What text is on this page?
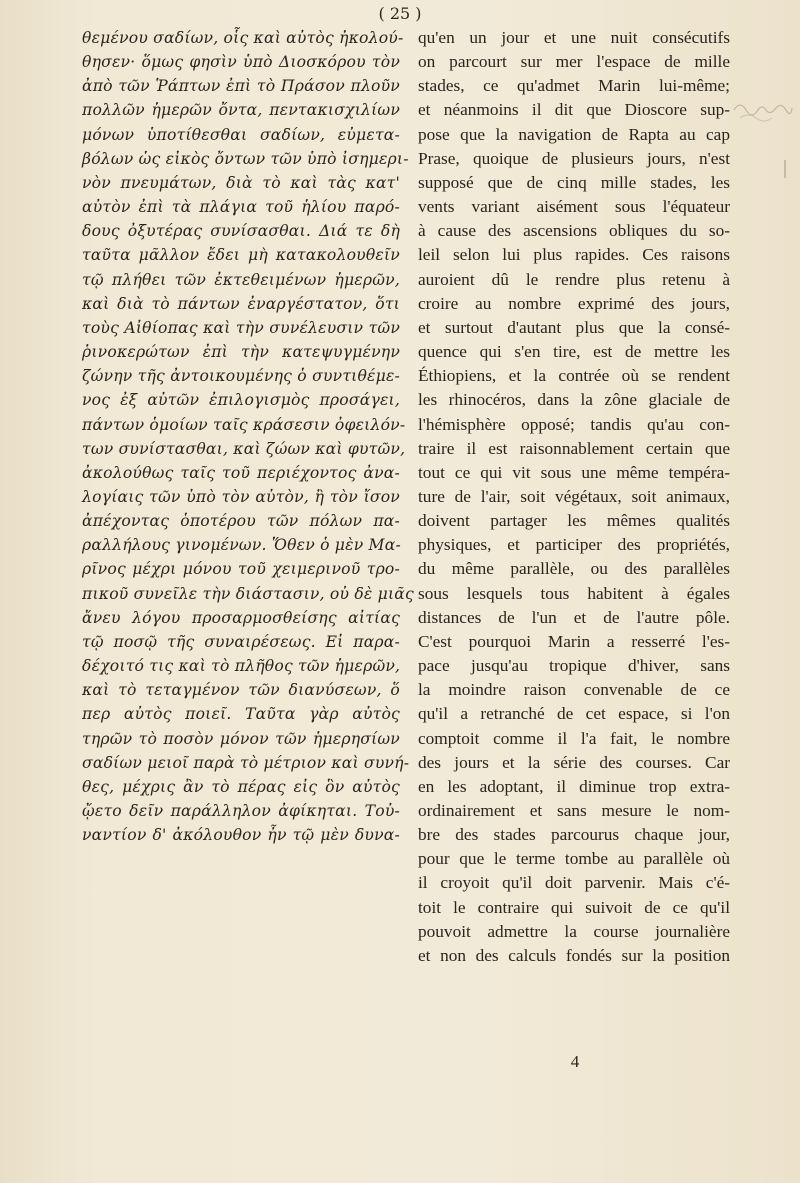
( 25 )
θεμένου σαδίων, οἷς καὶ αὐτὸς ἠκολού-
θησεν· ὅμως φησὶν ὑπὸ Διοσκόρου τὸν
ἀπὸ τῶν Ῥάπτων ἐπὶ τὸ Πράσον πλοῦν
πολλῶν ἡμερῶν ὄντα, πεντακισχιλίων
μόνων ὑποτίθεσθαι σαδίων, εὐμετα-
βόλων ὡς εἰκὸς ὄντων τῶν ὑπὸ ἰσημερι-
νὸν πνευμάτων, διὰ τὸ καὶ τὰς κατ'
αὐτὸν ἐπὶ τὰ πλάγια τοῦ ἡλίου παρό-
δους ὀξυτέρας συνίσασθαι. Διά τε δὴ
ταῦτα μᾶλλον ἔδει μὴ κατακολουθεῖν
τῷ πλήθει τῶν ἐκτεθειμένων ἡμερῶν,
καὶ διὰ τὸ πάντων ἐναργέστατον, ὅτι
τοὺς Αἰθίοπας καὶ τὴν συνέλευσιν τῶν
ῥινοκερώτων ἐπὶ τὴν κατεψυγμένην
ζώνην τῆς ἀντοικουμένης ὁ συντιθέμε-
νος ἐξ αὐτῶν ἐπιλογισμὸς προσάγει,
πάντων ὁμοίων ταῖς κράσεσιν ὀφειλόν-
των συνίστασθαι, καὶ ζώων καὶ φυτῶν,
ἀκολούθως ταῖς τοῦ περιέχοντος ἀνα-
λογίαις τῶν ὑπὸ τὸν αὐτὸν, ἢ τὸν ἴσον
ἀπέχοντας ὁποτέρου τῶν πόλων πα-
ραλλήλους γινομένων. Ὅθεν ὁ μὲν Μα-
ρῖνος μέχρι μόνου τοῦ χειμερινοῦ τρο-
πικοῦ συνεῖλε τὴν διάστασιν, οὐ δὲ μιᾶς
ἄνευ λόγου προσαρμοσθείσης αἰτίας
τῷ ποσῷ τῆς συναιρέσεως. Εἰ παρα-
δέχοιτό τις καὶ τὸ πλῆθος τῶν ἡμερῶν,
καὶ τὸ τεταγμένον τῶν διανύσεων, ὅ
περ αὐτὸς ποιεῖ. Ταῦτα γὰρ αὐτὸς
τηρῶν τὸ ποσὸν μόνον τῶν ἡμερησίων
σαδίων μειοῖ παρὰ τὸ μέτριον καὶ συνή-
θες, μέχρις ἂν τὸ πέρας εἰς ὃν αὐτὸς
ᾤετο δεῖν παράλληλον ἀφίκηται. Τοὐ-
ναντίον δ' ἀκόλουθον ἦν τῷ μὲν δυνα-
qu'en un jour et une nuit consécutifs
on parcourt sur mer l'espace de mille
stades, ce qu'admet Marin lui-même;
et néanmoins il dit que Dioscore sup-
pose que la navigation de Rapta au cap
Prase, quoique de plusieurs jours, n'est
supposé que de cinq mille stades, les
vents variant aisément sous l'équateur
à cause des ascensions obliques du so-
leil selon lui plus rapides. Ces raisons
auroient dû le rendre plus retenu à
croire au nombre exprimé des jours,
et surtout d'autant plus que la consé-
quence qui s'en tire, est de mettre les
Éthiopiens, et la contrée où se rendent
les rhinocéros, dans la zône glaciale de
l'hémisphère opposé; tandis qu'au con-
traire il est raisonnablement certain que
tout ce qui vit sous une même tempéra-
ture de l'air, soit végétaux, soit animaux,
doivent partager les mêmes qualités
physiques, et participer des propriétés,
du même parallèle, ou des parallèles
sous lesquels tous habitent à égales
distances de l'un et de l'autre pôle.
C'est pourquoi Marin a resserré l'es-
pace jusqu'au tropique d'hiver, sans
la moindre raison convenable de ce
qu'il a retranché de cet espace, si l'on
comptoit comme il l'a fait, le nombre
des jours et la série des courses. Car
en les adoptant, il diminue trop extra-
ordinairement et sans mesure le nom-
bre des stades parcourus chaque jour,
pour que le terme tombe au parallèle où
il croyoit qu'il doit parvenir. Mais c'é-
toit le contraire qui suivoit de ce qu'il
pouvoit admettre la course journalière
et non des calculs fondés sur la position
4
